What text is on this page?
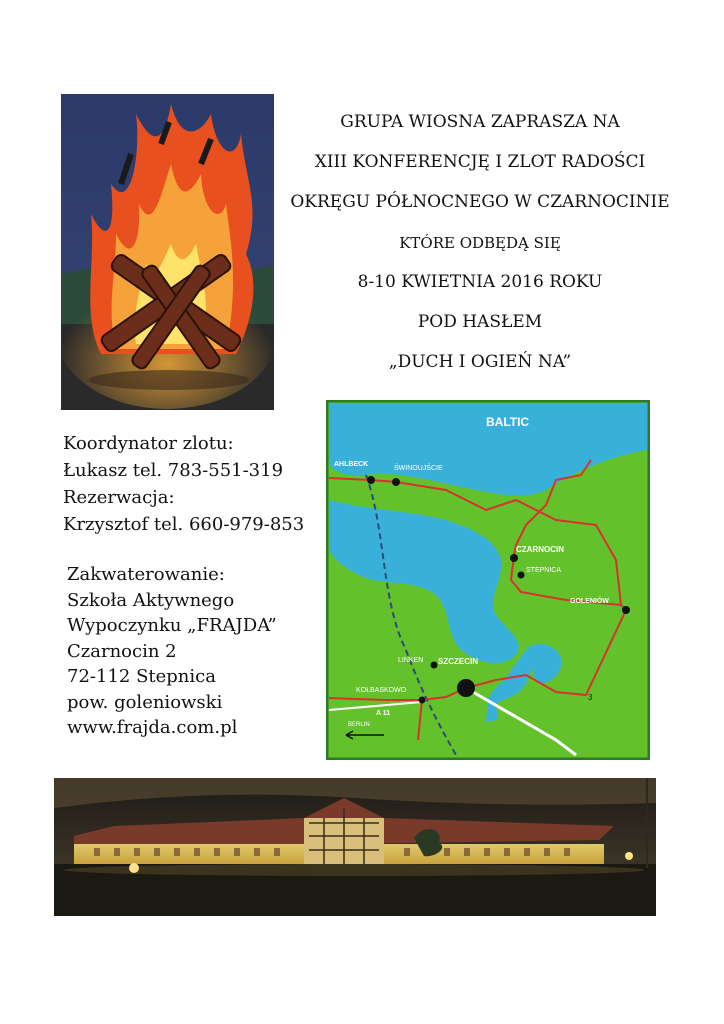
GRUPA WIOSNA ZAPRASZA NA
XIII KONFERENCJĘ I ZLOT RADOŚCI
OKRĘGU PÓŁNOCNEGO W CZARNOCINIE
KTÓRE ODBĘDĄ SIĘ
8-10 KWIETNIA 2016 ROKU
POD HASŁEM
„DUCH I OGIEŃ NA”
Koordynator zlotu:
Łukasz tel. 783-551-319
Rezerwacja:
Krzysztof tel. 660-979-853
Zakwaterowanie:
Szkoła Aktywnego
Wypoczynku „FRAJDA”
Czarnocin 2
72-112 Stepnica
pow. goleniowski
www.frajda.com.pl
BALTIC
AHLBECK
ŚWINOUJŚCIE
CZARNOCIN
STEPNICA
GOLENIÓW
LINKEN SZCZECIN
KOŁBASKOWO
A 11
3
BERLIN
